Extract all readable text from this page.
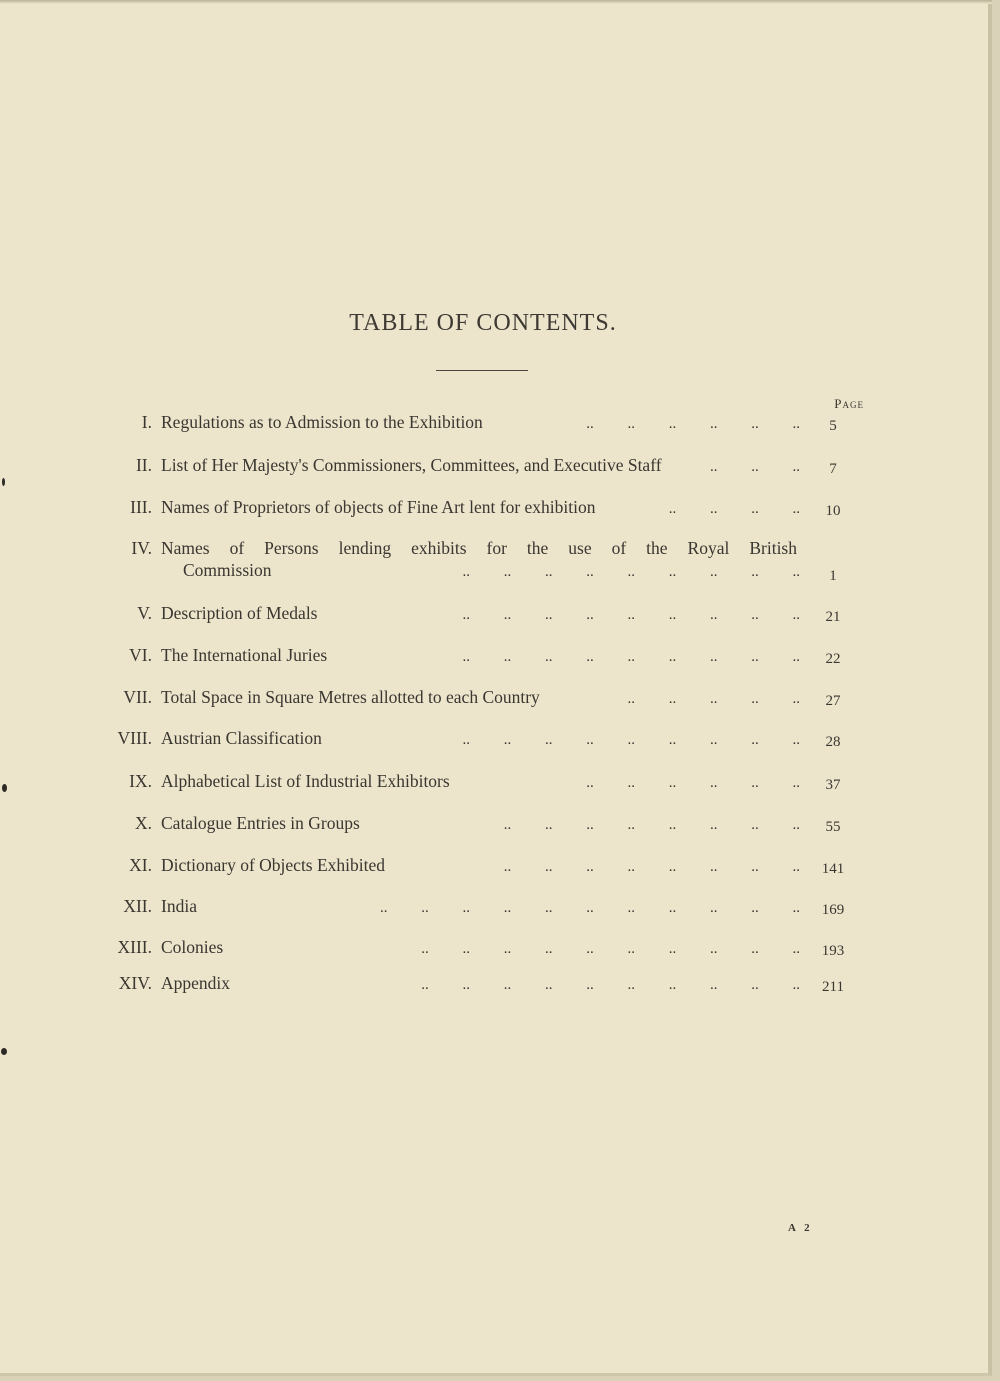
TABLE OF CONTENTS.
Page
I. Regulations as to Admission to the Exhibition	..   ..   ..   ..   ..   ..  	5
II. List of Her Majesty's Commissioners, Committees, and Executive Staff ..   ..   ..  	7
III. Names of Proprietors of objects of Fine Art lent for exhibition	..   ..   ..   ..  	10
IV. Names of Persons lending exhibits for the use of the Royal British
Commission	..   ..   ..   ..   ..   ..   ..   ..   ..  	1
V. Description of Medals	..   ..   ..   ..   ..   ..   ..   ..   ..  	21
VI. The International Juries	..   ..   ..   ..   ..   ..   ..   ..   ..  	22
VII. Total Space in Square Metres allotted to each Country	..   ..   ..   ..   ..  	27
VIII. Austrian Classification	..   ..   ..   ..   ..   ..   ..   ..   ..  	28
IX. Alphabetical List of Industrial Exhibitors	..   ..   ..   ..   ..   ..  	37
X. Catalogue Entries in Groups	..   ..   ..   ..   ..   ..   ..   ..  	55
XI. Dictionary of Objects Exhibited	..   ..   ..   ..   ..   ..   ..   ..  	141
XII. India	..   ..   ..   ..   ..   ..   ..   ..   ..   ..   ..  	169
XIII. Colonies	..   ..   ..   ..   ..   ..   ..   ..   ..   ..  	193
XIV. Appendix	..   ..   ..   ..   ..   ..   ..   ..   ..   ..  	211
A 2
